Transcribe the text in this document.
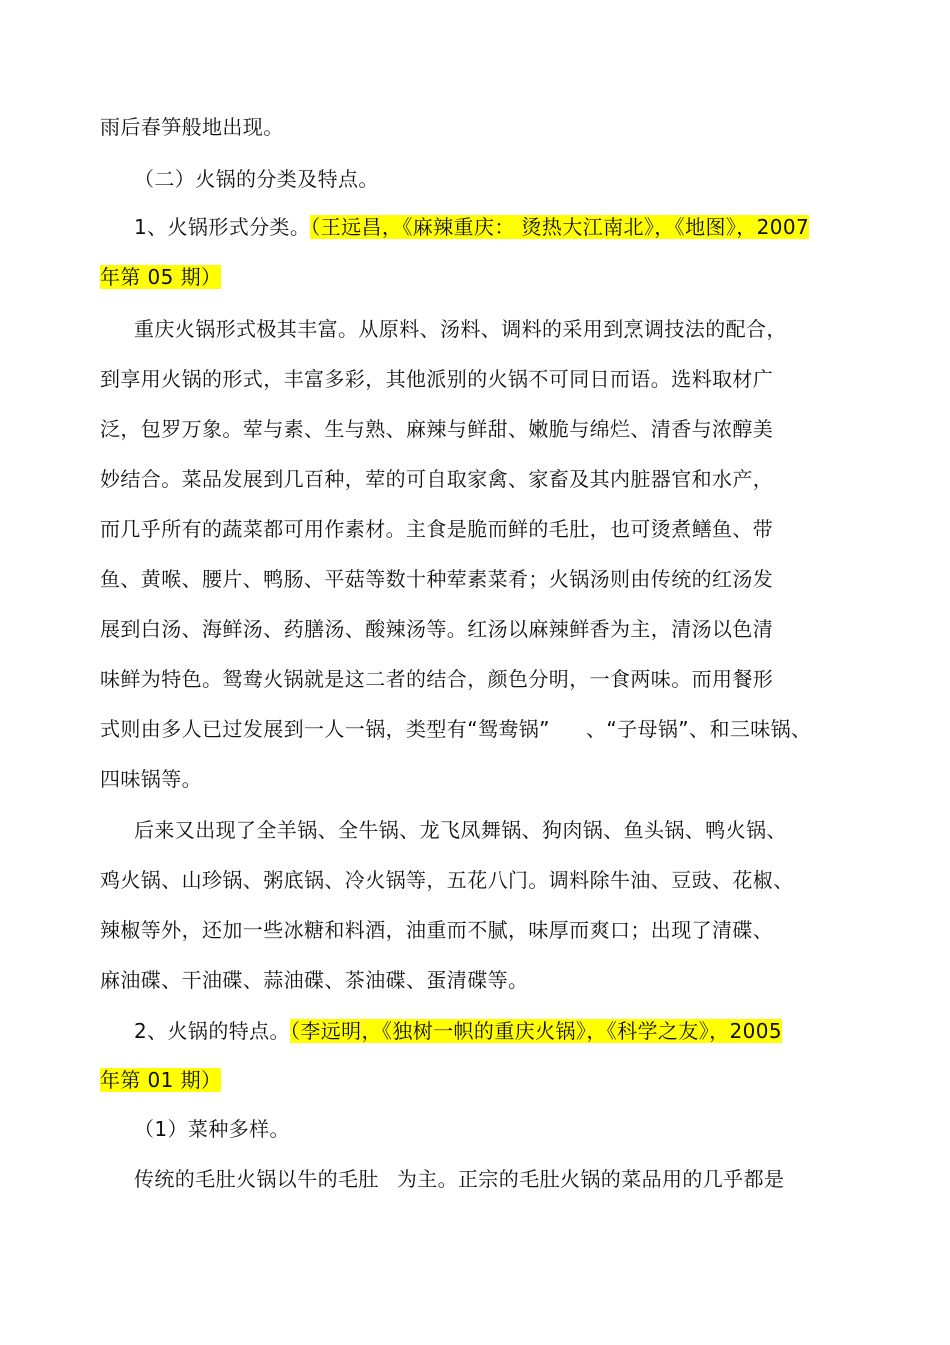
雨后春笋般地出现。
（二）火锅的分类及特点。
1、火锅形式分类。（王远昌，《麻辣重庆： 烫热大江南北》，《地图》，2007
年第 05 期）
重庆火锅形式极其丰富。从原料、汤料、调料的采用到烹调技法的配合，
到享用火锅的形式，丰富多彩，其他派别的火锅不可同日而语。选料取材广
泛，包罗万象。荤与素、生与熟、麻辣与鲜甜、嫩脆与绵烂、清香与浓醇美
妙结合。菜品发展到几百种，荤的可自取家禽、家畜及其内脏器官和水产，
而几乎所有的蔬菜都可用作素材。主食是脆而鲜的毛肚，也可烫煮鳝鱼、带
鱼、黄喉、腰片、鸭肠、平菇等数十种荤素菜肴；火锅汤则由传统的红汤发
展到白汤、海鲜汤、药膳汤、酸辣汤等。红汤以麻辣鲜香为主，清汤以色清
味鲜为特色。鸳鸯火锅就是这二者的结合，颜色分明，一食两味。而用餐形
式则由多人已过发展到一人一锅，类型有“鸳鸯锅” 、“子母锅”、和三味锅、
四味锅等。
后来又出现了全羊锅、全牛锅、龙飞凤舞锅、狗肉锅、鱼头锅、鸭火锅、
鸡火锅、山珍锅、粥底锅、冷火锅等，五花八门。调料除牛油、豆豉、花椒、
辣椒等外，还加一些冰糖和料酒，油重而不腻，味厚而爽口；出现了清碟、
麻油碟、干油碟、蒜油碟、茶油碟、蛋清碟等。
2、火锅的特点。（李远明，《独树一帜的重庆火锅》，《科学之友》，2005
年第 01 期）
（1）菜种多样。
传统的毛肚火锅以牛的毛肚 为主。正宗的毛肚火锅的菜品用的几乎都是
